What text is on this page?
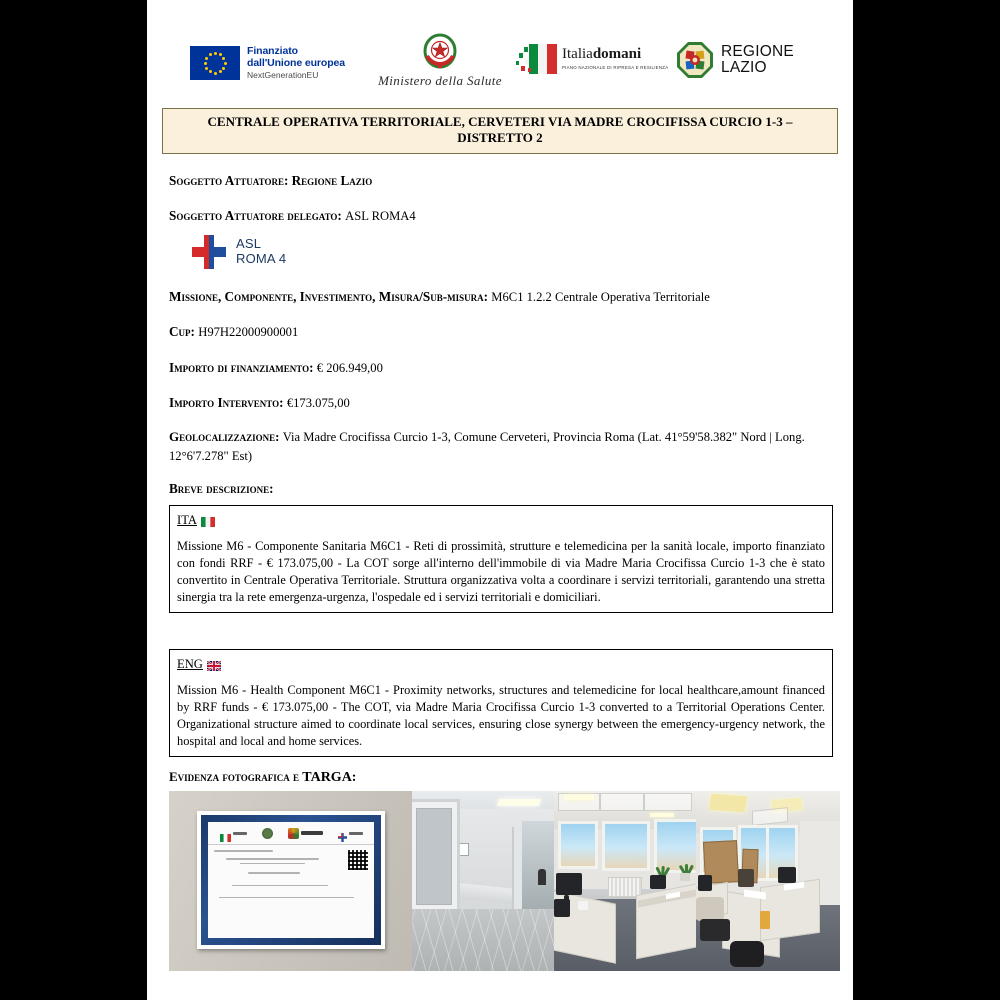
Finanziato
dall'Unione europea
NextGenerationEU	Ministero della Salute
Italiadomani
PIANO NAZIONALE DI RIPRESA E RESILIENZA
REGIONE
LAZIO
CENTRALE OPERATIVA TERRITORIALE, CERVETERI VIA MADRE CROCIFISSA CURCIO 1-3 – DISTRETTO 2
Soggetto Attuatore: Regione Lazio
Soggetto Attuatore delegato: ASL ROMA4
ASL
ROMA 4
Missione, Componente, Investimento, Misura/Sub-misura: M6C1 1.2.2 Centrale Operativa Territoriale
Cup: H97H22000900001
Importo di finanziamento: € 206.949,00
Importo Intervento: €173.075,00
Geolocalizzazione: Via Madre Crocifissa Curcio 1-3, Comune Cerveteri, Provincia Roma (Lat. 41°59'58.382" Nord | Long. 12°6'7.278" Est)
Breve descrizione:
ITA
Missione M6 - Componente Sanitaria M6C1 - Reti di prossimità, strutture e telemedicina per la sanità locale, importo finanziato con fondi RRF - € 173.075,00 - La COT sorge all'interno dell'immobile di via Madre Maria Crocifissa Curcio 1-3 che è stato convertito in Centrale Operativa Territoriale. Struttura organizzativa volta a coordinare i servizi territoriali, garantendo una stretta sinergia tra la rete emergenza-urgenza, l'ospedale ed i servizi territoriali e domiciliari.
ENG
Mission M6 - Health Component M6C1 - Proximity networks, structures and telemedicine for local healthcare,amount financed by RRF funds - € 173.075,00 - The COT, via Madre Maria Crocifissa Curcio 1-3 converted to a Territorial Operations Center. Organizational structure aimed to coordinate local services, ensuring close synergy between the emergency-urgency network, the hospital and local and home services.
Evidenza fotografica e TARGA:
